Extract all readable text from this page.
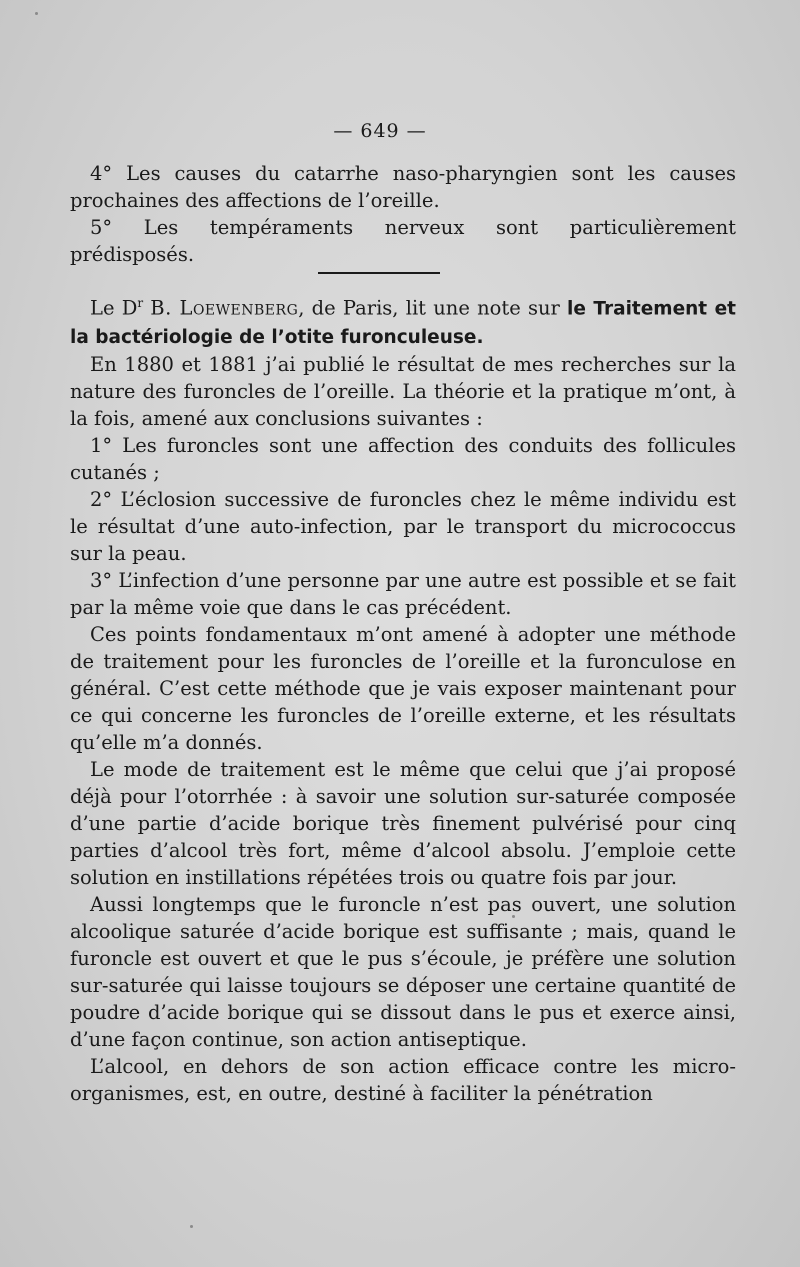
— 649 —

4° Les causes du catarrhe naso-pharyngien sont les causes prochaines des affections de l’oreille.

5° Les tempéraments nerveux sont particulièrement prédisposés.

Le $D^r$ B. Loewenberg, de Paris, lit une note sur le Traitement et la bactériologie de l’otite furonculeuse.

En 1880 et 1881 j’ai publié le résultat de mes recherches sur la nature des furoncles de l’oreille. La théorie et la pratique m’ont, à la fois, amené aux conclusions suivantes :

1° Les furoncles sont une affection des conduits des follicules cutanés ;

2° L’éclosion successive de furoncles chez le même individu est le résultat d’une auto-infection, par le transport du micrococcus sur la peau.

3° L’infection d’une personne par une autre est possible et se fait par la même voie que dans le cas précédent.

Ces points fondamentaux m’ont amené à adopter une méthode de traitement pour les furoncles de l’oreille et la furonculose en général. C’est cette méthode que je vais exposer maintenant pour ce qui concerne les furoncles de l’oreille externe, et les résultats qu’elle m’a donnés.

Le mode de traitement est le même que celui que j’ai proposé déjà pour l’otorrhée : à savoir une solution sur-saturée composée d’une partie d’acide borique très finement pulvérisé pour cinq parties d’alcool très fort, même d’alcool absolu. J’emploie cette solution en instillations répétées trois ou quatre fois par jour.

Aussi longtemps que le furoncle n’est pas ouvert, une solution alcoolique saturée d’acide borique est suffisante ; mais, quand le furoncle est ouvert et que le pus s’écoule, je préfère une solution sur-saturée qui laisse toujours se déposer une certaine quantité de poudre d’acide borique qui se dissout dans le pus et exerce ainsi, d’une façon continue, son action antiseptique.

L’alcool, en dehors de son action efficace contre les micro-organismes, est, en outre, destiné à faciliter la pénétration
